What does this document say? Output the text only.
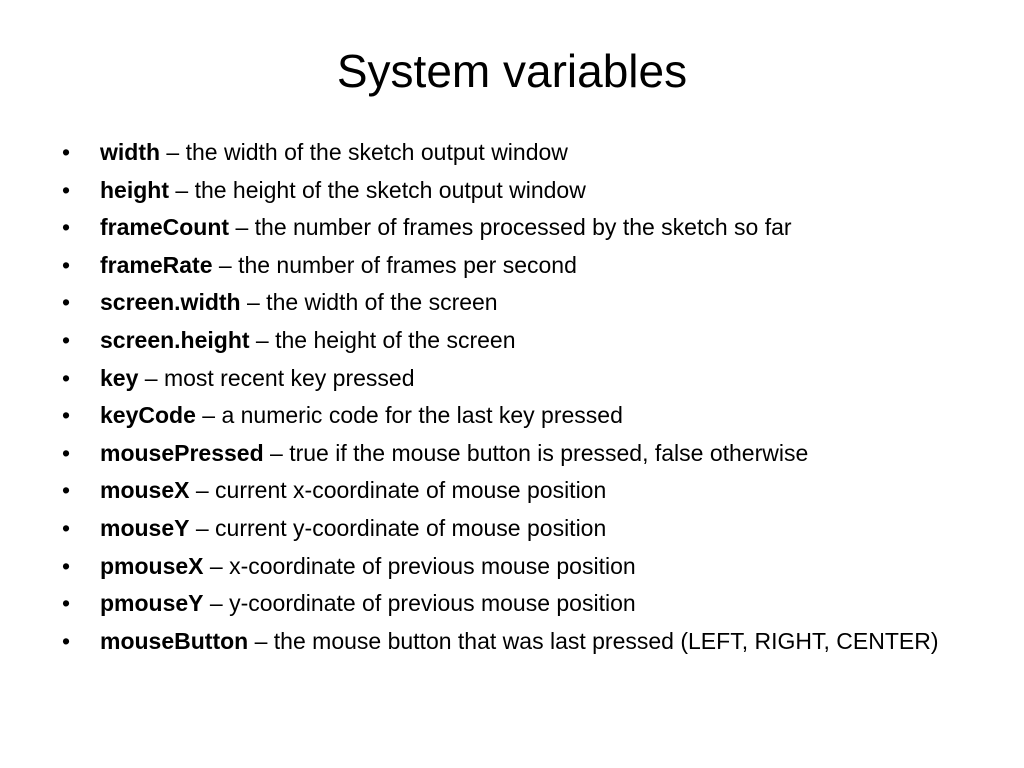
System variables
•	width – the width of the sketch output window
•	height – the height of the sketch output window
•	frameCount – the number of frames processed by the sketch so far
•	frameRate – the number of frames per second
•	screen.width – the width of the screen
•	screen.height – the height of the screen
•	key – most recent key pressed
•	keyCode – a numeric code for the last key pressed
•	mousePressed – true if the mouse button is pressed, false otherwise
•	mouseX – current x-coordinate of mouse position
•	mouseY – current y-coordinate of mouse position
•	pmouseX – x-coordinate of previous mouse position
•	pmouseY – y-coordinate of previous mouse position
•	mouseButton – the mouse button that was last pressed (LEFT, RIGHT, CENTER)
